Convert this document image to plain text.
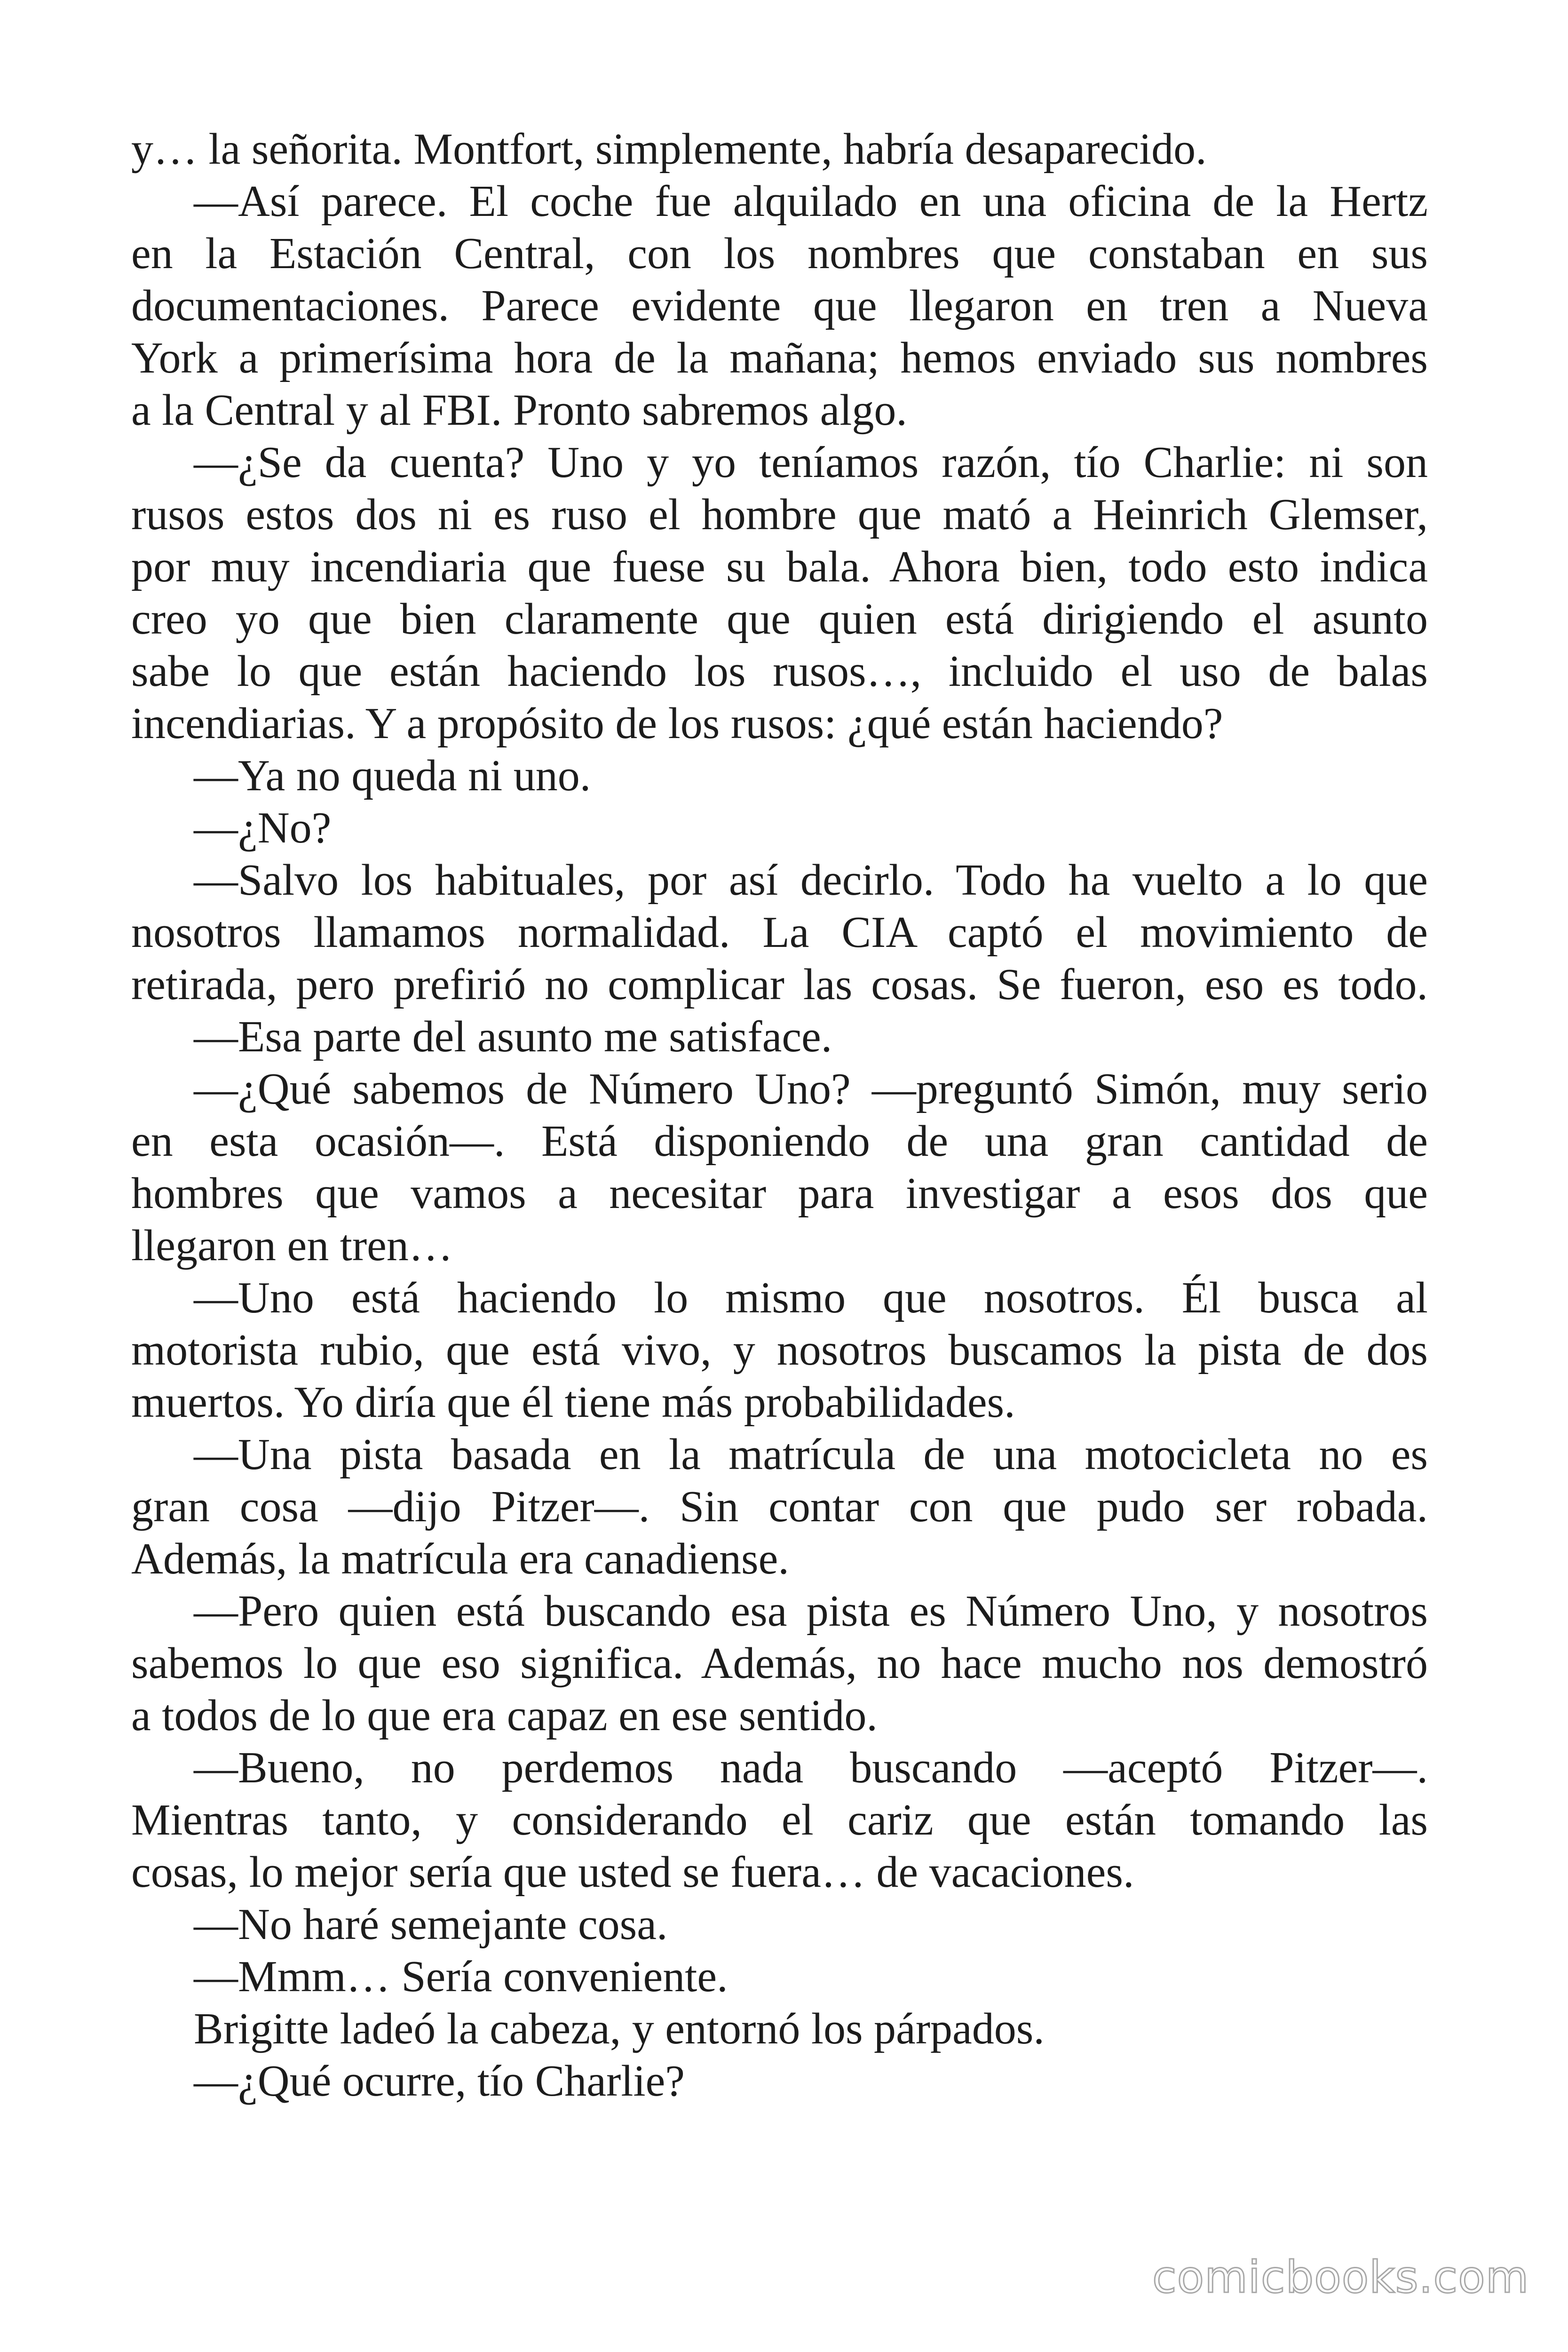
y… la señorita. Montfort, simplemente, habría desaparecido.
—Así parece. El coche fue alquilado en una oficina de la Hertz
en la Estación Central, con los nombres que constaban en sus
documentaciones. Parece evidente que llegaron en tren a Nueva
York a primerísima hora de la mañana; hemos enviado sus nombres
a la Central y al FBI. Pronto sabremos algo.
—¿Se da cuenta? Uno y yo teníamos razón, tío Charlie: ni son
rusos estos dos ni es ruso el hombre que mató a Heinrich Glemser,
por muy incendiaria que fuese su bala. Ahora bien, todo esto indica
creo yo que bien claramente que quien está dirigiendo el asunto
sabe lo que están haciendo los rusos…, incluido el uso de balas
incendiarias. Y a propósito de los rusos: ¿qué están haciendo?
—Ya no queda ni uno.
—¿No?
—Salvo los habituales, por así decirlo. Todo ha vuelto a lo que
nosotros llamamos normalidad. La CIA captó el movimiento de
retirada, pero prefirió no complicar las cosas. Se fueron, eso es todo.
—Esa parte del asunto me satisface.
—¿Qué sabemos de Número Uno? —preguntó Simón, muy serio
en esta ocasión—. Está disponiendo de una gran cantidad de
hombres que vamos a necesitar para investigar a esos dos que
llegaron en tren…
—Uno está haciendo lo mismo que nosotros. Él busca al
motorista rubio, que está vivo, y nosotros buscamos la pista de dos
muertos. Yo diría que él tiene más probabilidades.
—Una pista basada en la matrícula de una motocicleta no es
gran cosa —dijo Pitzer—. Sin contar con que pudo ser robada.
Además, la matrícula era canadiense.
—Pero quien está buscando esa pista es Número Uno, y nosotros
sabemos lo que eso significa. Además, no hace mucho nos demostró
a todos de lo que era capaz en ese sentido.
—Bueno, no perdemos nada buscando —aceptó Pitzer—.
Mientras tanto, y considerando el cariz que están tomando las
cosas, lo mejor sería que usted se fuera… de vacaciones.
—No haré semejante cosa.
—Mmm… Sería conveniente.
Brigitte ladeó la cabeza, y entornó los párpados.
—¿Qué ocurre, tío Charlie?
comicbooks.com
